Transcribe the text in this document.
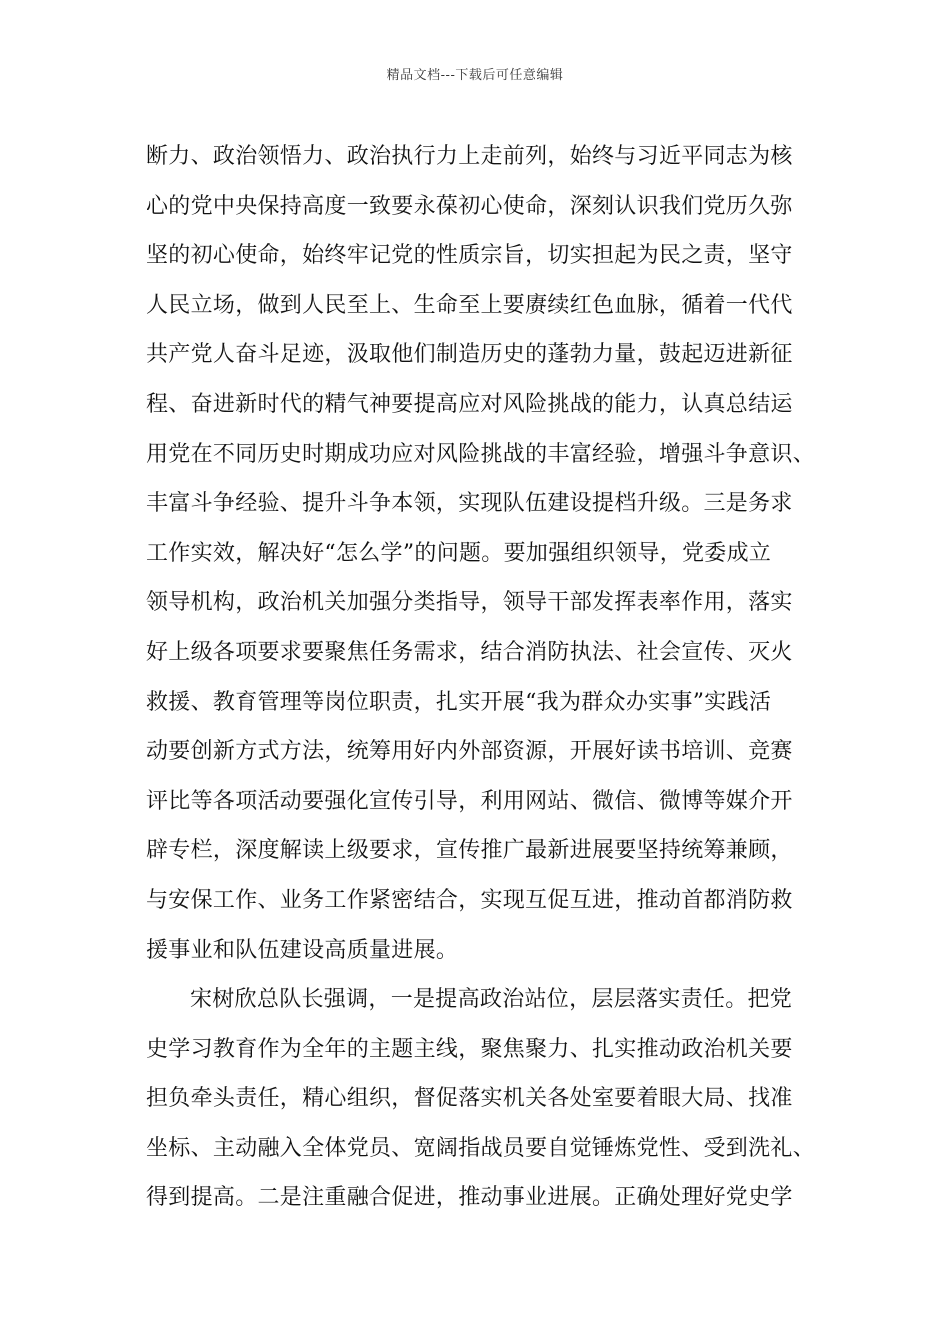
精品文档---下载后可任意编辑
断力、政治领悟力、政治执行力上走前列，始终与习近平同志为核
心的党中央保持高度一致要永葆初心使命，深刻认识我们党历久弥
坚的初心使命，始终牢记党的性质宗旨，切实担起为民之责，坚守
人民立场，做到人民至上、生命至上要赓续红色血脉，循着一代代
共产党人奋斗足迹，汲取他们制造历史的蓬勃力量，鼓起迈进新征
程、奋进新时代的精气神要提高应对风险挑战的能力，认真总结运
用党在不同历史时期成功应对风险挑战的丰富经验，增强斗争意识、
丰富斗争经验、提升斗争本领，实现队伍建设提档升级。三是务求
工作实效，解决好“怎么学”的问题。要加强组织领导，党委成立
领导机构，政治机关加强分类指导，领导干部发挥表率作用，落实
好上级各项要求要聚焦任务需求，结合消防执法、社会宣传、灭火
救援、教育管理等岗位职责，扎实开展“我为群众办实事”实践活
动要创新方式方法，统筹用好内外部资源，开展好读书培训、竞赛
评比等各项活动要强化宣传引导，利用网站、微信、微博等媒介开
辟专栏，深度解读上级要求，宣传推广最新进展要坚持统筹兼顾，
与安保工作、业务工作紧密结合，实现互促互进，推动首都消防救
援事业和队伍建设高质量进展。
宋树欣总队长强调，一是提高政治站位，层层落实责任。把党
史学习教育作为全年的主题主线，聚焦聚力、扎实推动政治机关要
担负牵头责任，精心组织，督促落实机关各处室要着眼大局、找准
坐标、主动融入全体党员、宽阔指战员要自觉锤炼党性、受到洗礼、
得到提高。二是注重融合促进，推动事业进展。正确处理好党史学
